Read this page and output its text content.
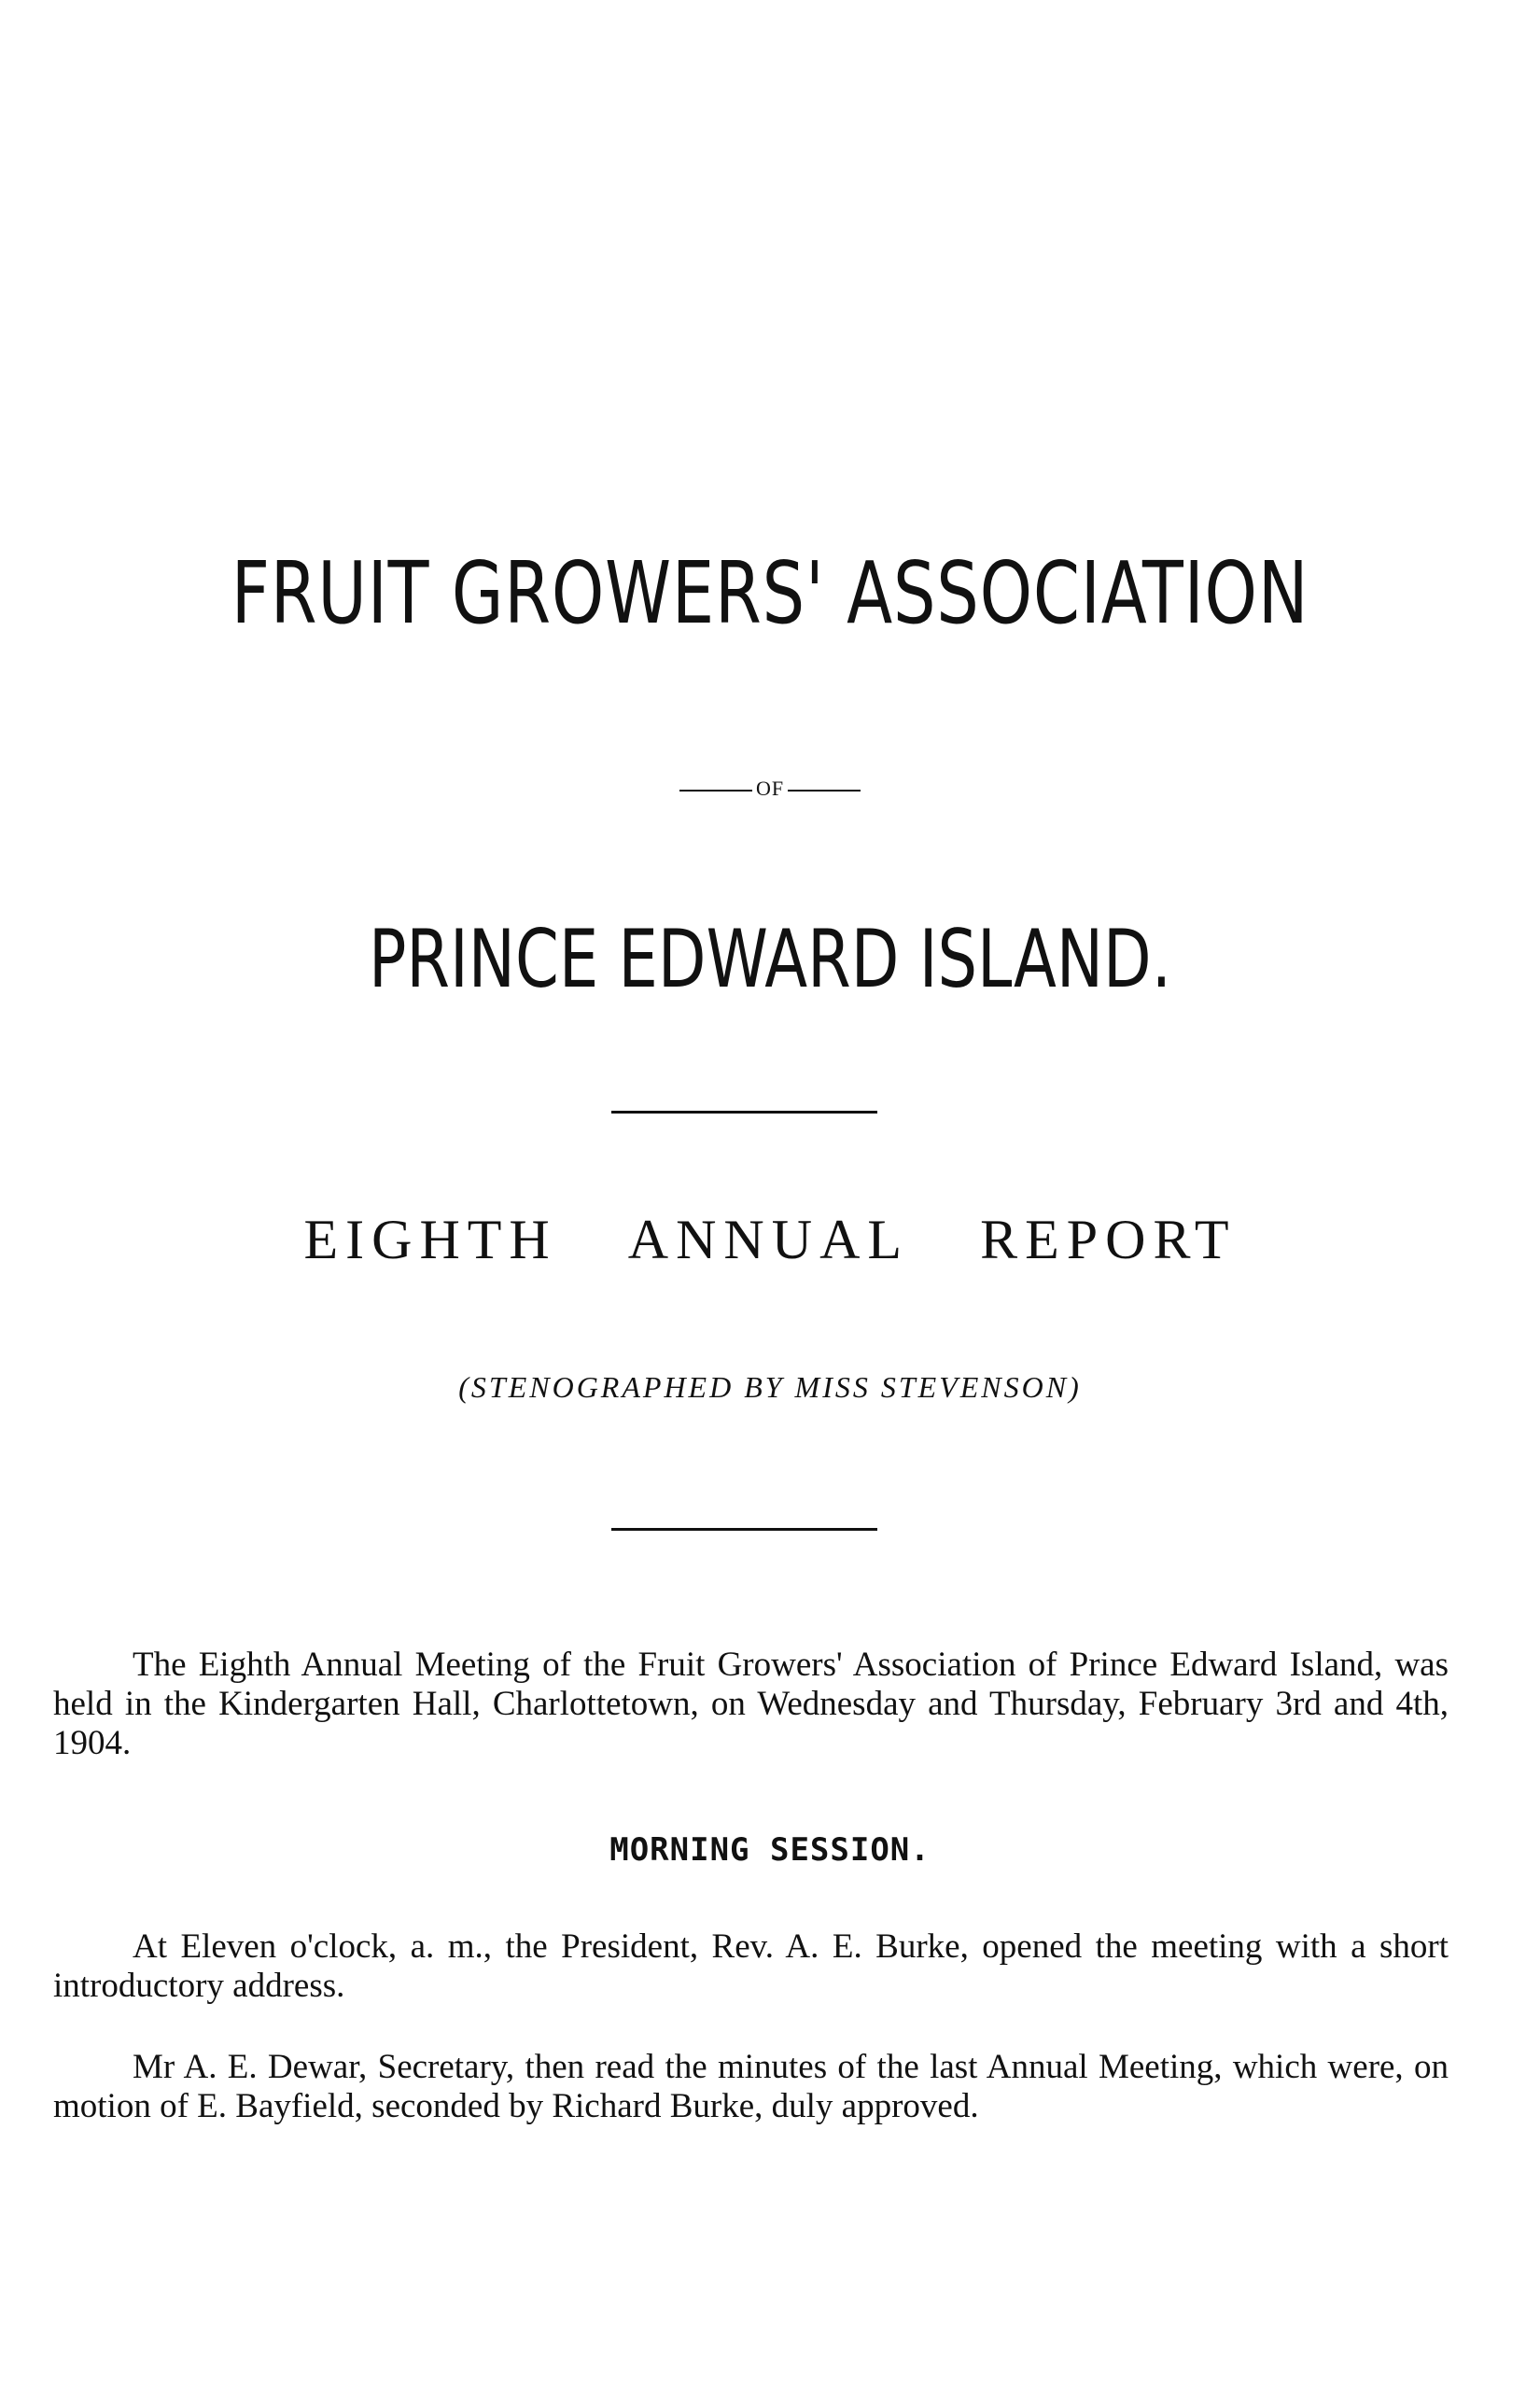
FRUIT GROWERS' ASSOCIATION
OF
PRINCE EDWARD ISLAND.
EIGHTH ANNUAL REPORT
(STENOGRAPHED BY MISS STEVENSON)
The Eighth Annual Meeting of the Fruit Growers' Association of Prince Edward Island, was held in the Kindergarten Hall, Charlottetown, on Wednesday and Thursday, February 3rd and 4th, 1904.
MORNING SESSION.
At Eleven o'clock, a. m., the President, Rev. A. E. Burke, opened the meeting with a short introductory address.
Mr A. E. Dewar, Secretary, then read the minutes of the last Annual Meeting, which were, on motion of E. Bayfield, seconded by Richard Burke, duly approved.
